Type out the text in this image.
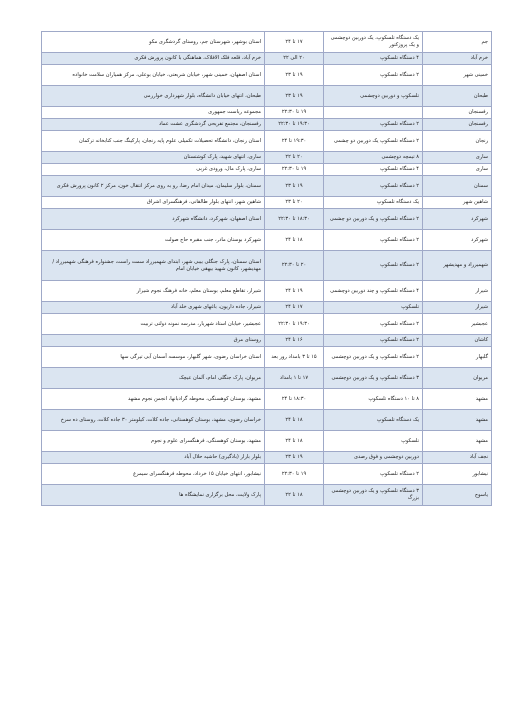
جم	یک دستگاه تلسکوپ، یک دوربین دوچشمی و یک پروژکتور	۱۷ تا ۲۴	استان بوشهر، شهرستان جم، روستای گردشگری مکو
خرم آباد	۴ دستگاه تلسکوپ	۲۰ الی ۲۲	خرم آباد، قلعه فلک الافلاک، هماهنگی با کانون پرورش فکری
خمینی شهر	۲ دستگاه تلسکوپ	۱۹ تا ۲۳	استان اصفهان، خمینی شهر، خیابان شریعتی، خیابان بوعلی، مرکز همیاران سلامت خانواده
طبحان	تلسکوپ و دوربین دوچشمی	۱۹ تا ۲۳	طبحان، انتهای خیابان دانشگاه، بلوار شهرداری خوارزمی
رفسنجان		۱۹ تا ۲۲:۳۰	مجموعه ریاست جمهوری
رفسنجان	۲ دستگاه تلسکوپ	۱۹:۳۰ تا ۲۲:۳۰	رفسنجان، مجتمع تفریحی گردشگری عشت عماد
زنجان	۲ دستگاه تلسکوپ یک دوربین دو چشمی	۱۹:۳۰ تا ۲۴	استان زنجان، دانشگاه تحصیلات تکمیلی علوم پایه زنجان، پارکینگ جنب کتابخانه ترکمان
ساری	۸ تیمچه دوچشمی	۲۰ تا ۲۲	ساری، انتهای شهید، پارک کوشتستان
ساری	۴ دستگاه تلسکوپ	۱۹ تا ۲۲:۳۰	ساری، پارک مال، ورودی غربی
سمنان	۲ دستگاه تلسکوپ	۱۹ تا ۲۳	سمنان، بلوار سلیمان، میدان امام رضا، رو به روی مرکز انتقال خون، مرکز ۲ کانون پرورش فکری
شاهین شهر	یک دستگاه تلسکوپ	۲۰ تا ۲۳	شاهین شهر، انتهای بلوار طالقانی، فرهنگسرای اشراق
شهرکرد	۲ دستگاه تلسکوپ و یک دوربین دو چشمی	۱۸:۳۰ تا ۲۲:۳۰	استان اصفهان، شهرکرد، دانشگاه شهرکرد
شهرکرد	۲ دستگاه تلسکوپ	۱۸ تا ۲۴	شهرکرد بوستان مادر، جنب مقبره حاج صولت
شهمیرزاد و مهدیشهر	۲ دستگاه تلسکوپ	۲۰ تا ۲۲:۳۰	استان سمنان، پارک جنگلی بیبی شهر، ابتدای شهمیرزاد سمت راست، جشنواره فرهنگی شهمیرزاد / مهدیشهر، کانون شهید بیهقی خیابان امام
شیراز	۴ دستگاه تلسکوپ و چند دوربین دوچشمی	۱۹ تا ۲۴	شیراز، تقاطع معلم، بوستان معلم، خانه فرهنگ نجوم شیراز
شیراز	تلسکوپ	۱۷ تا ۲۴	شیراز، جاده داریون، باغهای شهری خلد آباد
عجبشیر	۲ دستگاه تلسکوپ	۱۹:۳۰ تا ۲۲:۳۰	عجبشیر، خیابان استاد شهریار، مدرسه نمونه دولتی تربیت
کاشان	۲ دستگاه تلسکوپ	۱۶ تا ۲۴	روستای مرق
گلبهار	۲ دستگاه تلسکوپ و یک دوربین دوچشمی	۱۵ تا ۳ بامداد روز بعد	استان خراسان رضوی، شهر گلبهار، موسسه آسمان آبی تیرگی سها
مریوان	۳ دستگاه تلسکوپ و یک دوربین دوچشمی	۱۷ تا ۱ بامداد	مریوان، پارک جنگلی امام، آلمان عیچک
مشهد	۸ تا ۱۰ دستگاه تلسکوپ	۱۸:۳۰ تا ۲۴	مشهد، بوستان کوهسنگی، محوطه گرادبانها، انجمن نجوم مشهد
مشهد	یک دستگاه تلسکوپ	۱۸ تا ۲۴	خراسان رضوی، مشهد، بوستان کوهستانی، جاده کلات، کیلومتر ۳۰ جاده کلات، روستای ده سرخ
مشهد	تلسکوپ	۱۸ تا ۲۴	مشهد، بوستان کوهسنگی، فرهنگسرای علوم و نجوم
نجف آباد	دوربین دوچشمی و فوق رصدی	۱۹ تا ۲۳	بلوار بازار (بادگیری) حاشیه حلال آباد
نیشابور	۲ دستگاه تلسکوپ	۱۹ تا ۲۲:۳۰	نیشابور، انتهای خیابان ۱۵ خرداد، محوطه فرهنگسرای سیمرغ
یاسوج	۳ دستگاه تلسکوپ و یک دوربین دوچشمی بزرگ	۱۸ تا ۲۲	پارک ولایت، محل برگزاری نمایشگاه ها
